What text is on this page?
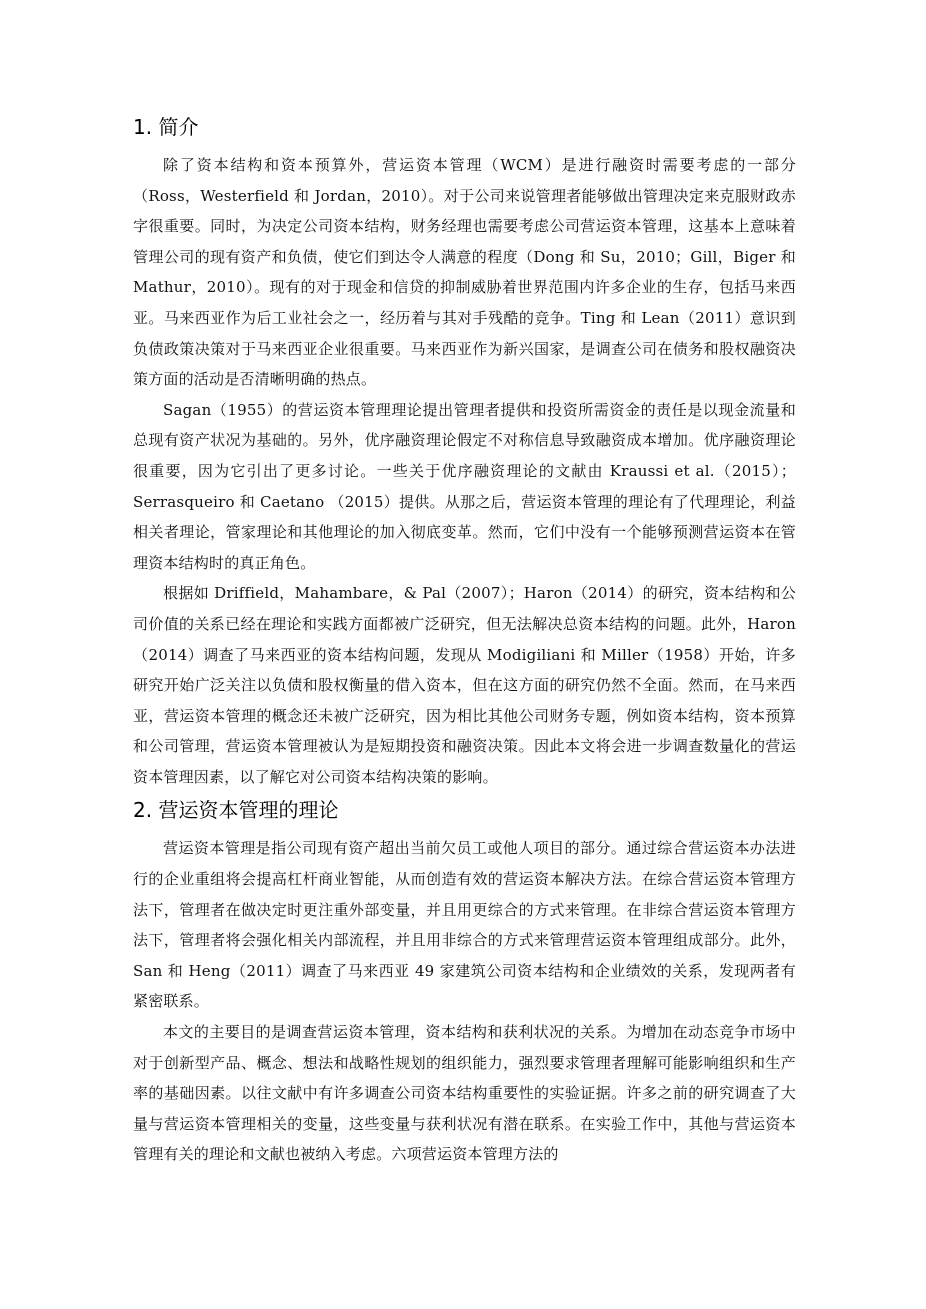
1. 简介

除了资本结构和资本预算外，营运资本管理（WCM）是进行融资时需要考虑的一部分（Ross，Westerfield 和 Jordan，2010）。对于公司来说管理者能够做出管理决定来克服财政赤字很重要。同时，为决定公司资本结构，财务经理也需要考虑公司营运资本管理，这基本上意味着管理公司的现有资产和负债，使它们到达令人满意的程度（Dong 和 Su，2010；Gill，Biger 和 Mathur，2010）。现有的对于现金和信贷的抑制威胁着世界范围内许多企业的生存，包括马来西亚。马来西亚作为后工业社会之一，经历着与其对手残酷的竞争。Ting 和 Lean（2011）意识到负债政策决策对于马来西亚企业很重要。马来西亚作为新兴国家，是调查公司在债务和股权融资决策方面的活动是否清晰明确的热点。

Sagan（1955）的营运资本管理理论提出管理者提供和投资所需资金的责任是以现金流量和总现有资产状况为基础的。另外，优序融资理论假定不对称信息导致融资成本增加。优序融资理论很重要，因为它引出了更多讨论。一些关于优序融资理论的文献由 Kraussi et al.（2015）；Serrasqueiro 和 Caetano （2015）提供。从那之后，营运资本管理的理论有了代理理论，利益相关者理论，管家理论和其他理论的加入彻底变革。然而，它们中没有一个能够预测营运资本在管理资本结构时的真正角色。

根据如 Driffield，Mahambare，& Pal（2007）；Haron（2014）的研究，资本结构和公司价值的关系已经在理论和实践方面都被广泛研究，但无法解决总资本结构的问题。此外，Haron（2014）调查了马来西亚的资本结构问题，发现从 Modigiliani 和 Miller（1958）开始，许多研究开始广泛关注以负债和股权衡量的借入资本，但在这方面的研究仍然不全面。然而，在马来西亚，营运资本管理的概念还未被广泛研究，因为相比其他公司财务专题，例如资本结构，资本预算和公司管理，营运资本管理被认为是短期投资和融资决策。因此本文将会进一步调查数量化的营运资本管理因素，以了解它对公司资本结构决策的影响。

2. 营运资本管理的理论

营运资本管理是指公司现有资产超出当前欠员工或他人项目的部分。通过综合营运资本办法进行的企业重组将会提高杠杆商业智能，从而创造有效的营运资本解决方法。在综合营运资本管理方法下，管理者在做决定时更注重外部变量，并且用更综合的方式来管理。在非综合营运资本管理方法下，管理者将会强化相关内部流程，并且用非综合的方式来管理营运资本管理组成部分。此外，San 和 Heng（2011）调查了马来西亚 49 家建筑公司资本结构和企业绩效的关系，发现两者有紧密联系。

本文的主要目的是调查营运资本管理，资本结构和获利状况的关系。为增加在动态竞争市场中对于创新型产品、概念、想法和战略性规划的组织能力，强烈要求管理者理解可能影响组织和生产率的基础因素。以往文献中有许多调查公司资本结构重要性的实验证据。许多之前的研究调查了大量与营运资本管理相关的变量，这些变量与获利状况有潜在联系。在实验工作中，其他与营运资本管理有关的理论和文献也被纳入考虑。六项营运资本管理方法的
